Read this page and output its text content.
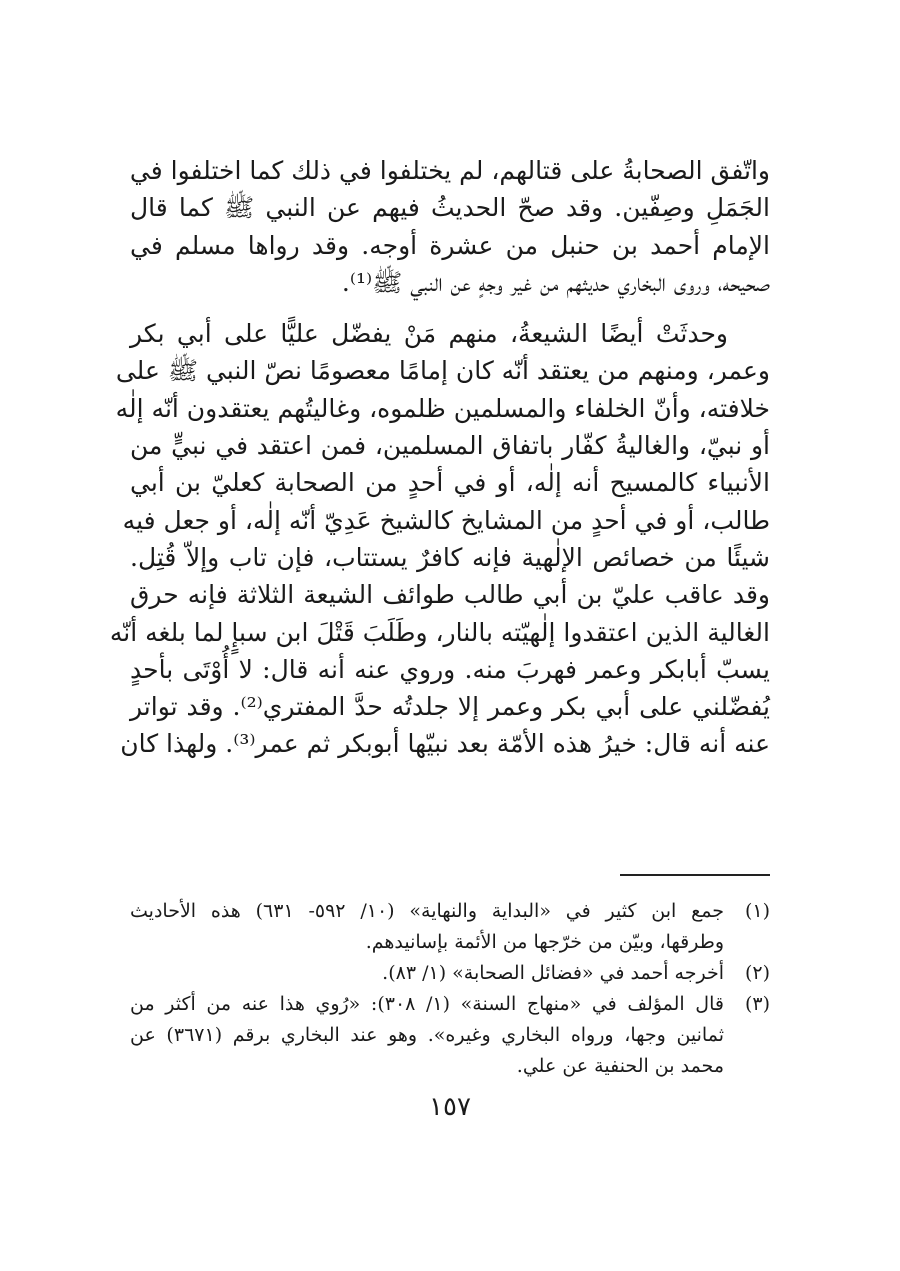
واتّفق الصحابةُ على قتالهم، لم يختلفوا في ذلك كما اختلفوا في
الجَمَلِ وصِفّين. وقد صحّ الحديثُ فيهم عن النبي ﷺ كما قال
الإمام أحمد بن حنبل من عشرة أوجه. وقد رواها مسلم في
صحيحه، وروى البخاري حديثهم من غير وجهٍ عن النبي ﷺ⁽¹⁾.

وحدثَتْ أيضًا الشيعةُ، منهم مَنْ يفضّل عليًّا على أبي بكر
وعمر، ومنهم من يعتقد أنّه كان إمامًا معصومًا نصّ النبي ﷺ على
خلافته، وأنّ الخلفاء والمسلمين ظلموه، وغاليتُهم يعتقدون أنّه إلٰه
أو نبيّ، والغاليةُ كفّار باتفاق المسلمين، فمن اعتقد في نبيٍّ من
الأنبياء كالمسيح أنه إلٰه، أو في أحدٍ من الصحابة كعليّ بن أبي
طالب، أو في أحدٍ من المشايخ كالشيخ عَدِيّ أنّه إلٰه، أو جعل فيه
شيئًا من خصائص الإلٰهية فإنه كافرٌ يستتاب، فإن تاب وإلاّ قُتِل.
وقد عاقب عليّ بن أبي طالب طوائف الشيعة الثلاثة فإنه حرق
الغالية الذين اعتقدوا إلٰهيّته بالنار، وطَلَبَ قَتْلَ ابن سبإٍ لما بلغه أنّه
يسبّ أبابكر وعمر فهربَ منه. وروي عنه أنه قال: لا أُوْتَى بأحدٍ
يُفضّلني على أبي بكر وعمر إلا جلدتُه حدَّ المفتري⁽²⁾. وقد تواتر
عنه أنه قال: خيرُ هذه الأمّة بعد نبيّها أبوبكر ثم عمر⁽³⁾. ولهذا كان

(١)
جمع ابن كثير في «البداية والنهاية» (١٠/ ٥٩٢- ٦٣١) هذه الأحاديث
وطرقها، وبيّن من خرّجها من الأئمة بإسانيدهم.
(٢)
أخرجه أحمد في «فضائل الصحابة» (١/ ٨٣).
(٣)
قال المؤلف في «منهاج السنة» (١/ ٣٠٨): «رُوي هذا عنه من أكثر من
ثمانين وجها، ورواه البخاري وغيره». وهو عند البخاري برقم (٣٦٧١) عن
محمد بن الحنفية عن علي.
١٥٧
